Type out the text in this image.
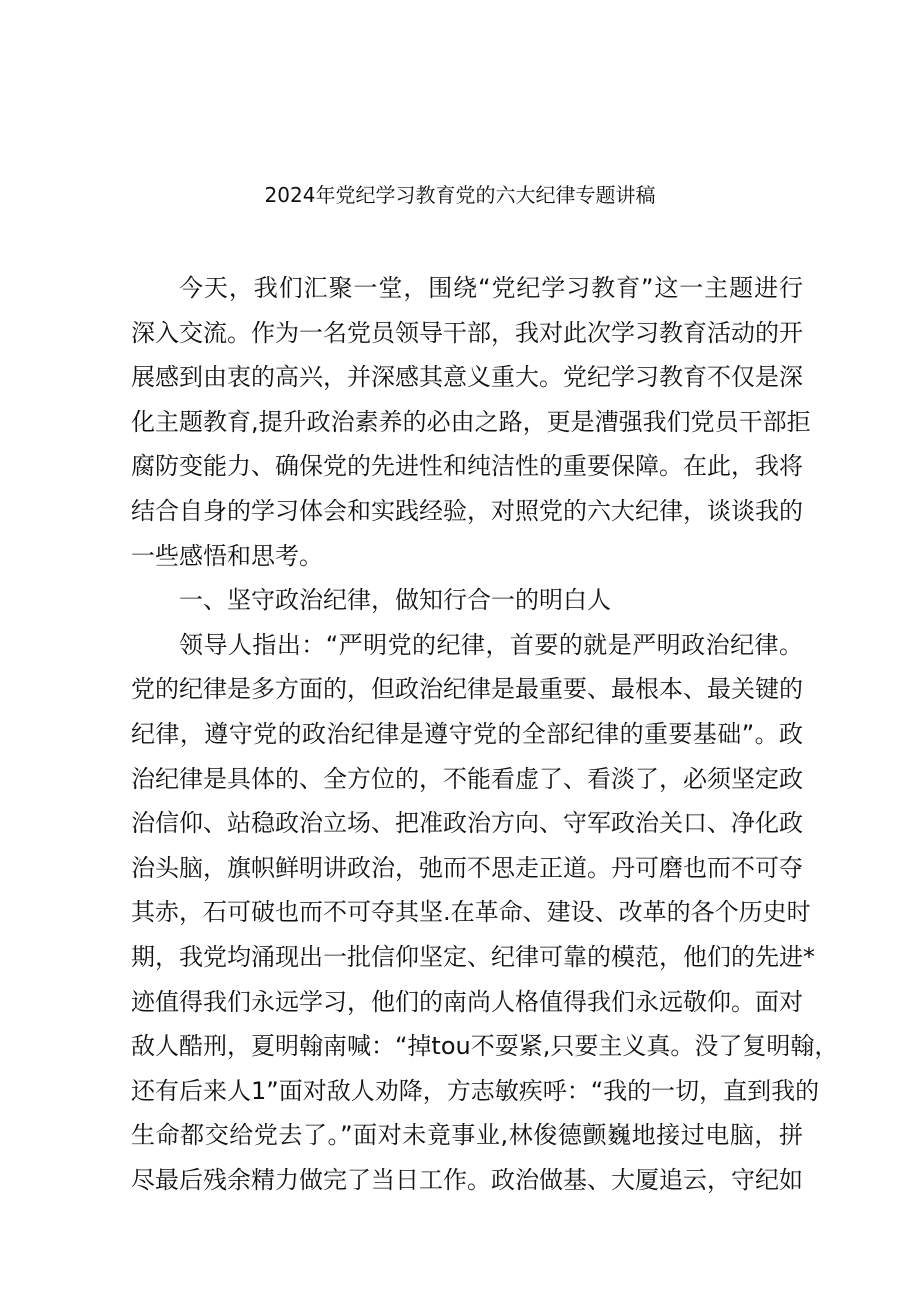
2024年党纪学习教育党的六大纪律专题讲稿
今天，我们汇聚一堂，围绕“党纪学习教育”这一主题进行
深入交流。作为一名党员领导干部，我对此次学习教育活动的开
展感到由衷的高兴，并深感其意义重大。党纪学习教育不仅是深
化主题教育,提升政治素养的必由之路，更是漕强我们党员干部拒
腐防变能力、确保党的先进性和纯洁性的重要保障。在此，我将
结合自身的学习体会和实践经验，对照党的六大纪律，谈谈我的
一些感悟和思考。
一、坚守政治纪律，做知行合一的明白人
领导人指出：“严明党的纪律，首要的就是严明政治纪律。
党的纪律是多方面的，但政治纪律是最重要、最根本、最关键的
纪律，遵守党的政治纪律是遵守党的全部纪律的重要基础”。政
治纪律是具体的、全方位的，不能看虚了、看淡了，必须坚定政
治信仰、站稳政治立场、把准政治方向、守军政治关口、净化政
治头脑，旗帜鲜明讲政治，弛而不思走正道。丹可磨也而不可夺
其赤，石可破也而不可夺其坚.在革命、建设、改革的各个历史时
期，我党均涌现出一批信仰坚定、纪律可靠的模范，他们的先进*
迹值得我们永远学习，他们的南尚人格值得我们永远敬仰。面对
敌人酷刑，夏明翰南喊：“掉tou不耍紧,只要主义真。没了复明翰，
还有后来人1”面对敌人劝降，方志敏疾呼：“我的一切，直到我的
生命都交给党去了。”面对未竟事业,林俊德颤巍地接过电脑，拼
尽最后残余精力做完了当日工作。政治做基、大厦追云，守纪如
